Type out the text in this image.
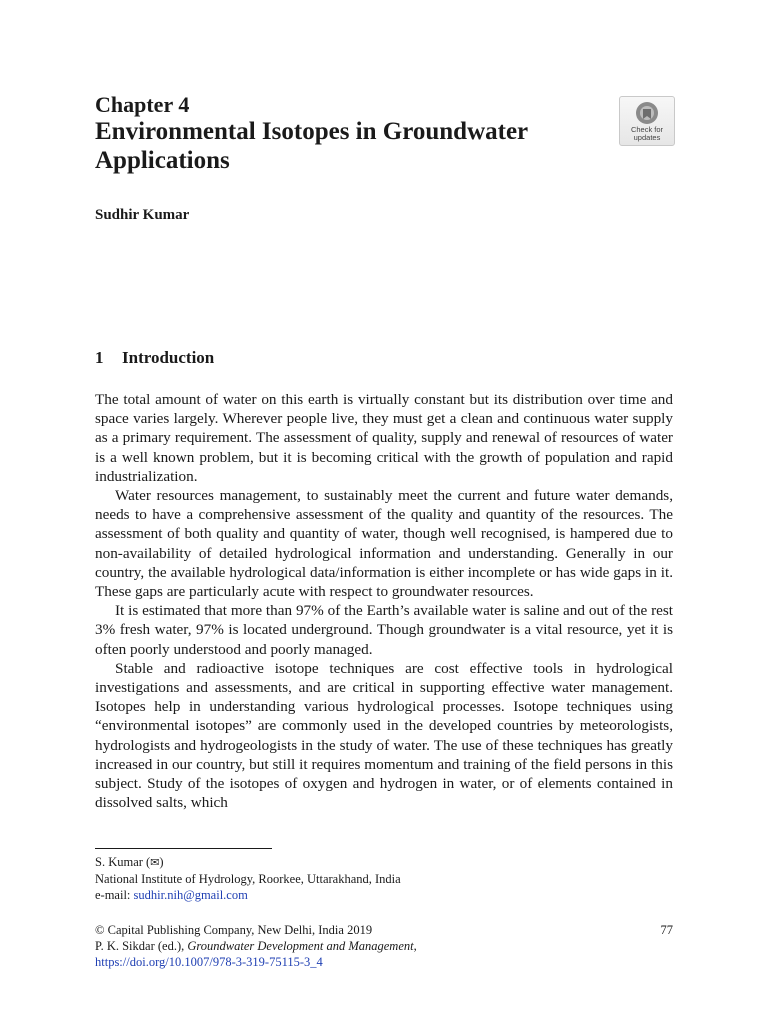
Chapter 4
Environmental Isotopes in Groundwater Applications
Check for
updates
Sudhir Kumar
1 Introduction

The total amount of water on this earth is virtually constant but its distribution over time and space varies largely. Wherever people live, they must get a clean and continuous water supply as a primary requirement. The assessment of quality, supply and renewal of resources of water is a well known problem, but it is becoming critical with the growth of population and rapid industrialization.

Water resources management, to sustainably meet the current and future water demands, needs to have a comprehensive assessment of the quality and quantity of the resources. The assessment of both quality and quantity of water, though well recognised, is hampered due to non-availability of detailed hydrological information and understanding. Generally in our country, the available hydrological data/information is either incomplete or has wide gaps in it. These gaps are particularly acute with respect to groundwater resources.

It is estimated that more than 97% of the Earth’s available water is saline and out of the rest 3% fresh water, 97% is located underground. Though groundwater is a vital resource, yet it is often poorly understood and poorly managed.

Stable and radioactive isotope techniques are cost effective tools in hydrological investigations and assessments, and are critical in supporting effective water management. Isotopes help in understanding various hydrological processes. Isotope techniques using “environmental isotopes” are commonly used in the developed countries by meteorologists, hydrologists and hydrogeologists in the study of water. The use of these techniques has greatly increased in our country, but still it requires momentum and training of the field persons in this subject. Study of the isotopes of oxygen and hydrogen in water, or of elements contained in dissolved salts, which

S. Kumar (✉)
National Institute of Hydrology, Roorkee, Uttarakhand, India
e-mail: sudhir.nih@gmail.com
77
© Capital Publishing Company, New Delhi, India 2019
P. K. Sikdar (ed.), Groundwater Development and Management,
https://doi.org/10.1007/978-3-319-75115-3_4
